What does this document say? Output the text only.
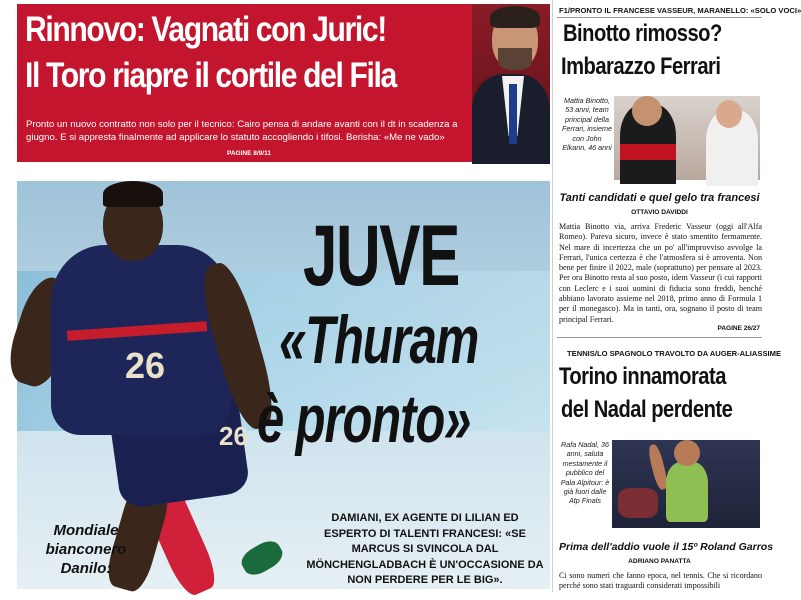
Rinnovo: Vagnati con Juric!
Il Toro riapre il cortile del Fila
Pronto un nuovo contratto non solo per il tecnico: Cairo pensa di andare avanti con il dt in scadenza a giugno. E si appresta finalmente ad applicare lo statuto accogliendo i tifosi. Berisha: «Me ne vado»
PAGINE 8/9/11
26
26
JUVE
«Thuram
è pronto»
DAMIANI, EX AGENTE DI LILIAN ED ESPERTO DI TALENTI FRANCESI: «SE MARCUS SI SVINCOLA DAL MÖNCHENGLADBACH È UN'OCCASIONE DA NON PERDERE PER LE BIG».
Mondiale bianconero Danilo:
F1/PRONTO IL FRANCESE VASSEUR, MARANELLO: «SOLO VOCI»
Binotto rimosso?
Imbarazzo Ferrari
Mattia Binotto, 53 anni, team principal della Ferrari, insieme con John Elkann, 46 anni
Tanti candidati e quel gelo tra francesi
OTTAVIO DAVIDDI
Mattia Binotto via, arriva Frederic Vasseur (oggi all'Alfa Romeo). Pareva sicuro, invece è stato smentito fermamente. Nel mare di incertezza che un po' all'improvviso avvolge la Ferrari, l'unica certezza è che l'atmosfera si è arroventa. Non bene per finire il 2022, male (soprattutto) per pensare al 2023. Per ora Binotto resta al suo posto, idem Vasseur (i cui rapporti con Leclerc e i suoi uomini di fiducia sono freddi, benché abbiano lavorato assieme nel 2018, primo anno di Formula 1 per il monegasco). Ma in tanti, ora, sognano il posto di team principal Ferrari.
PAGINE 26/27
TENNIS/LO SPAGNOLO TRAVOLTO DA AUGER-ALIASSIME
Torino innamorata
del Nadal perdente
Rafa Nadal, 36 anni, saluta mestamente il pubblico del Pala Alpitour: è già fuori dalle Atp Finals
Prima dell'addio vuole il 15º Roland Garros
ADRIANO PANATTA
Ci sono numeri che fanno epoca, nel tennis. Che si ricordano perché sono stati traguardi considerati impossibili
